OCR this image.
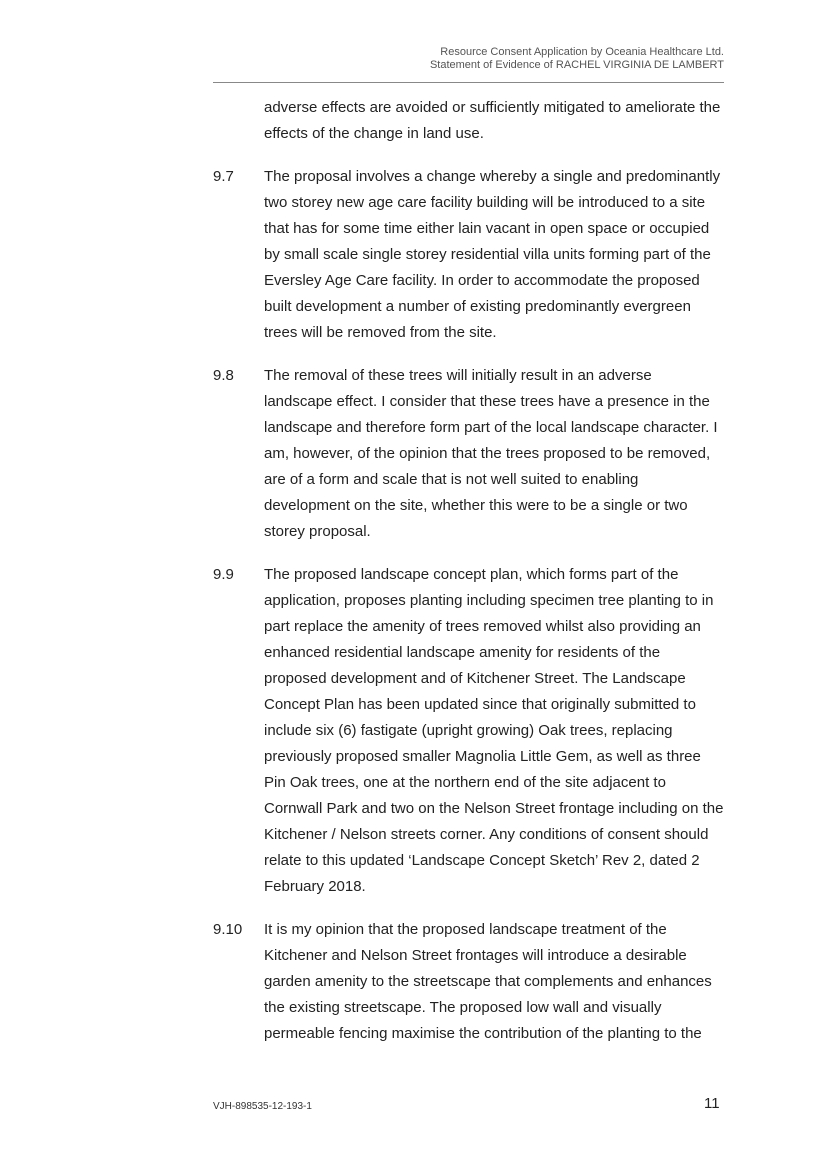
Resource Consent Application by Oceania Healthcare Ltd.
Statement of Evidence of RACHEL VIRGINIA DE LAMBERT
adverse effects are avoided or sufficiently mitigated to ameliorate the effects of the change in land use.
9.7	The proposal involves a change whereby a single and predominantly two storey new age care facility building will be introduced to a site that has for some time either lain vacant in open space or occupied by small scale single storey residential villa units forming part of the Eversley Age Care facility. In order to accommodate the proposed built development a number of existing predominantly evergreen trees will be removed from the site.
9.8	The removal of these trees will initially result in an adverse landscape effect. I consider that these trees have a presence in the landscape and therefore form part of the local landscape character. I am, however, of the opinion that the trees proposed to be removed, are of a form and scale that is not well suited to enabling development on the site, whether this were to be a single or two storey proposal.
9.9	The proposed landscape concept plan, which forms part of the application, proposes planting including specimen tree planting to in part replace the amenity of trees removed whilst also providing an enhanced residential landscape amenity for residents of the proposed development and of Kitchener Street. The Landscape Concept Plan has been updated since that originally submitted to include six (6) fastigate (upright growing) Oak trees, replacing previously proposed smaller Magnolia Little Gem, as well as three Pin Oak trees, one at the northern end of the site adjacent to Cornwall Park and two on the Nelson Street frontage including on the Kitchener / Nelson streets corner. Any conditions of consent should relate to this updated ‘Landscape Concept Sketch’ Rev 2, dated 2 February 2018.
9.10	It is my opinion that the proposed landscape treatment of the Kitchener and Nelson Street frontages will introduce a desirable garden amenity to the streetscape that complements and enhances the existing streetscape. The proposed low wall and visually permeable fencing maximise the contribution of the planting to the
VJH-898535-12-193-1	11
